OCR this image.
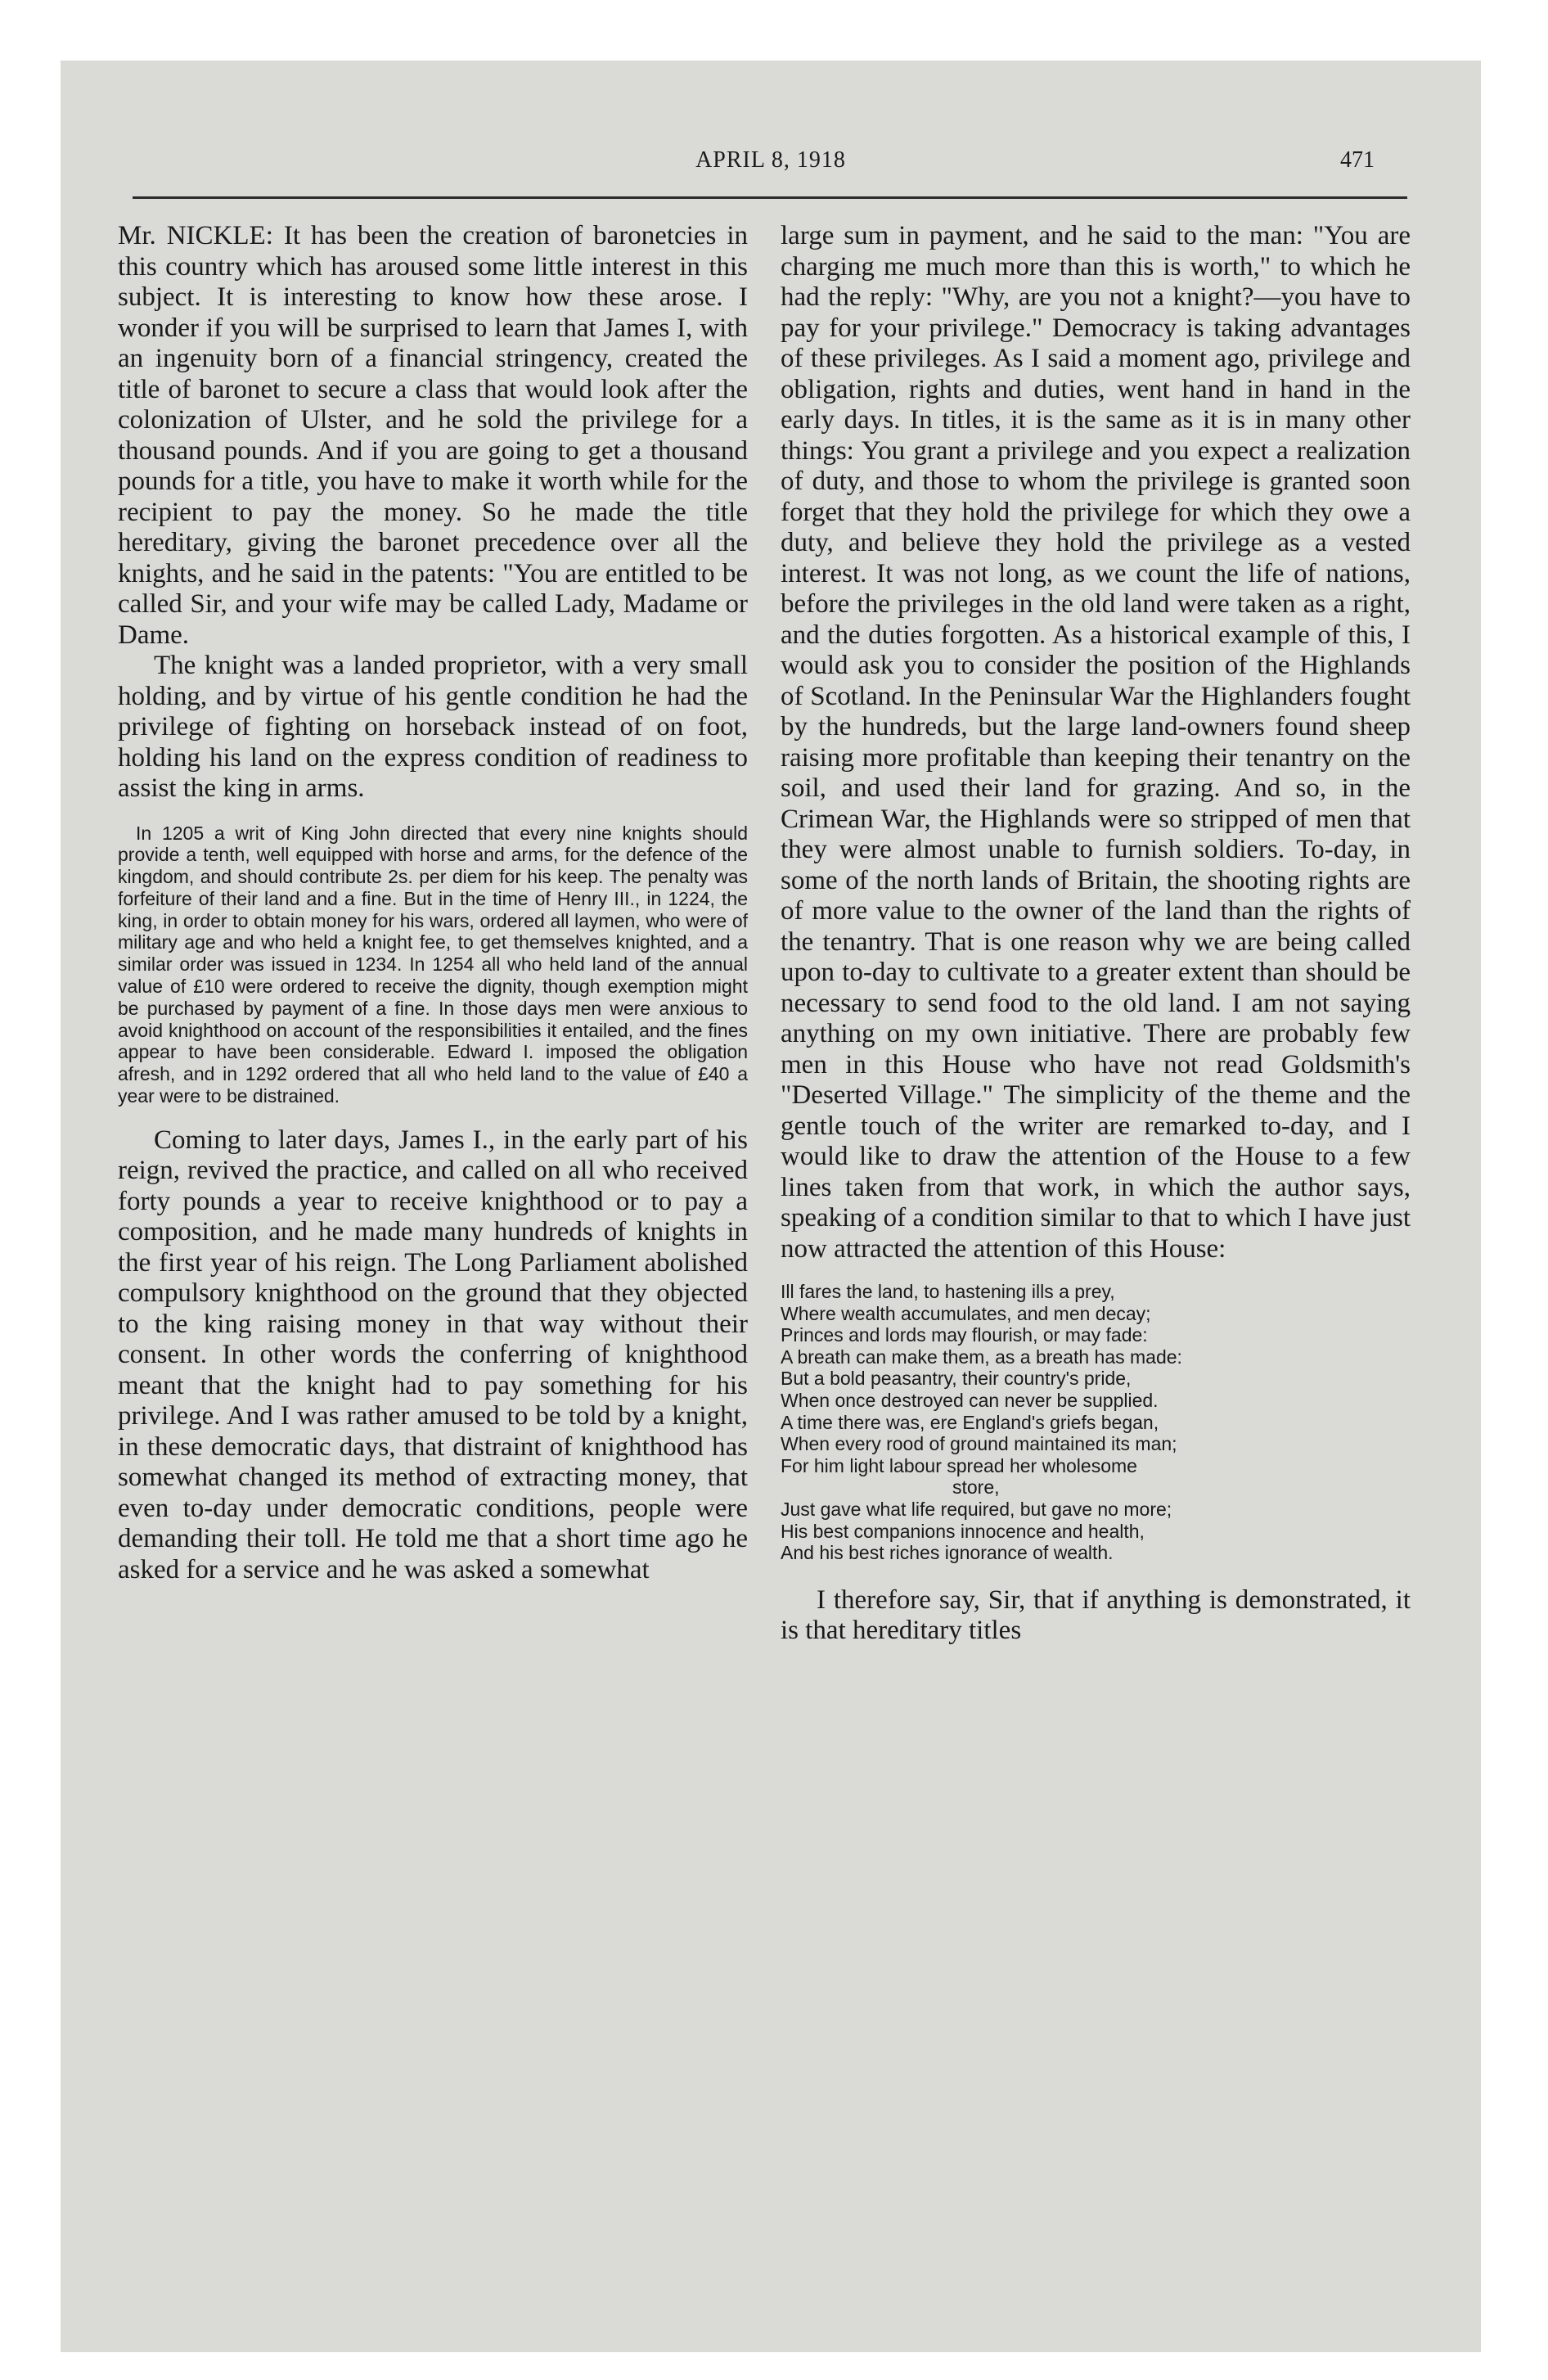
APRIL 8, 1918	471

Mr. NICKLE: It has been the creation of baronetcies in this country which has aroused some little interest in this subject. It is interesting to know how these arose. I wonder if you will be surprised to learn that James I, with an ingenuity born of a financial stringency, created the title of baronet to secure a class that would look after the colonization of Ulster, and he sold the privilege for a thousand pounds. And if you are going to get a thousand pounds for a title, you have to make it worth while for the recipient to pay the money. So he made the title hereditary, giving the baronet precedence over all the knights, and he said in the patents: "You are entitled to be called Sir, and your wife may be called Lady, Madame or Dame.

The knight was a landed proprietor, with a very small holding, and by virtue of his gentle condition he had the privilege of fighting on horseback instead of on foot, holding his land on the express condition of readiness to assist the king in arms.

In 1205 a writ of King John directed that every nine knights should provide a tenth, well equipped with horse and arms, for the defence of the kingdom, and should contribute 2s. per diem for his keep. The penalty was forfeiture of their land and a fine. But in the time of Henry III., in 1224, the king, in order to obtain money for his wars, ordered all laymen, who were of military age and who held a knight fee, to get themselves knighted, and a similar order was issued in 1234. In 1254 all who held land of the annual value of £10 were ordered to receive the dignity, though exemption might be purchased by payment of a fine. In those days men were anxious to avoid knighthood on account of the responsibilities it entailed, and the fines appear to have been considerable. Edward I. imposed the obligation afresh, and in 1292 ordered that all who held land to the value of £40 a year were to be distrained.

Coming to later days, James I., in the early part of his reign, revived the practice, and called on all who received forty pounds a year to receive knighthood or to pay a composition, and he made many hundreds of knights in the first year of his reign. The Long Parliament abolished compulsory knighthood on the ground that they objected to the king raising money in that way without their consent. In other words the conferring of knighthood meant that the knight had to pay something for his privilege. And I was rather amused to be told by a knight, in these democratic days, that distraint of knighthood has somewhat changed its method of extracting money, that even to-day under democratic conditions, people were demanding their toll. He told me that a short time ago he asked for a service and he was asked a somewhat

large sum in payment, and he said to the man: "You are charging me much more than this is worth," to which he had the reply: "Why, are you not a knight?—you have to pay for your privilege." Democracy is taking advantages of these privileges. As I said a moment ago, privilege and obligation, rights and duties, went hand in hand in the early days. In titles, it is the same as it is in many other things: You grant a privilege and you expect a realization of duty, and those to whom the privilege is granted soon forget that they hold the privilege for which they owe a duty, and believe they hold the privilege as a vested interest. It was not long, as we count the life of nations, before the privileges in the old land were taken as a right, and the duties forgotten. As a historical example of this, I would ask you to consider the position of the Highlands of Scotland. In the Peninsular War the Highlanders fought by the hundreds, but the large land-owners found sheep raising more profitable than keeping their tenantry on the soil, and used their land for grazing. And so, in the Crimean War, the Highlands were so stripped of men that they were almost unable to furnish soldiers. To-day, in some of the north lands of Britain, the shooting rights are of more value to the owner of the land than the rights of the tenantry. That is one reason why we are being called upon to-day to cultivate to a greater extent than should be necessary to send food to the old land. I am not saying anything on my own initiative. There are probably few men in this House who have not read Goldsmith's "Deserted Village." The simplicity of the theme and the gentle touch of the writer are remarked to-day, and I would like to draw the attention of the House to a few lines taken from that work, in which the author says, speaking of a condition similar to that to which I have just now attracted the attention of this House:

Ill fares the land, to hastening ills a prey,
Where wealth accumulates, and men decay;
Princes and lords may flourish, or may fade:
A breath can make them, as a breath has made:
But a bold peasantry, their country's pride,
When once destroyed can never be supplied.
A time there was, ere England's griefs began,
When every rood of ground maintained its man;
For him light labour spread her wholesome
store,
Just gave what life required, but gave no more;
His best companions innocence and health,
And his best riches ignorance of wealth.

I therefore say, Sir, that if anything is demonstrated, it is that hereditary titles
